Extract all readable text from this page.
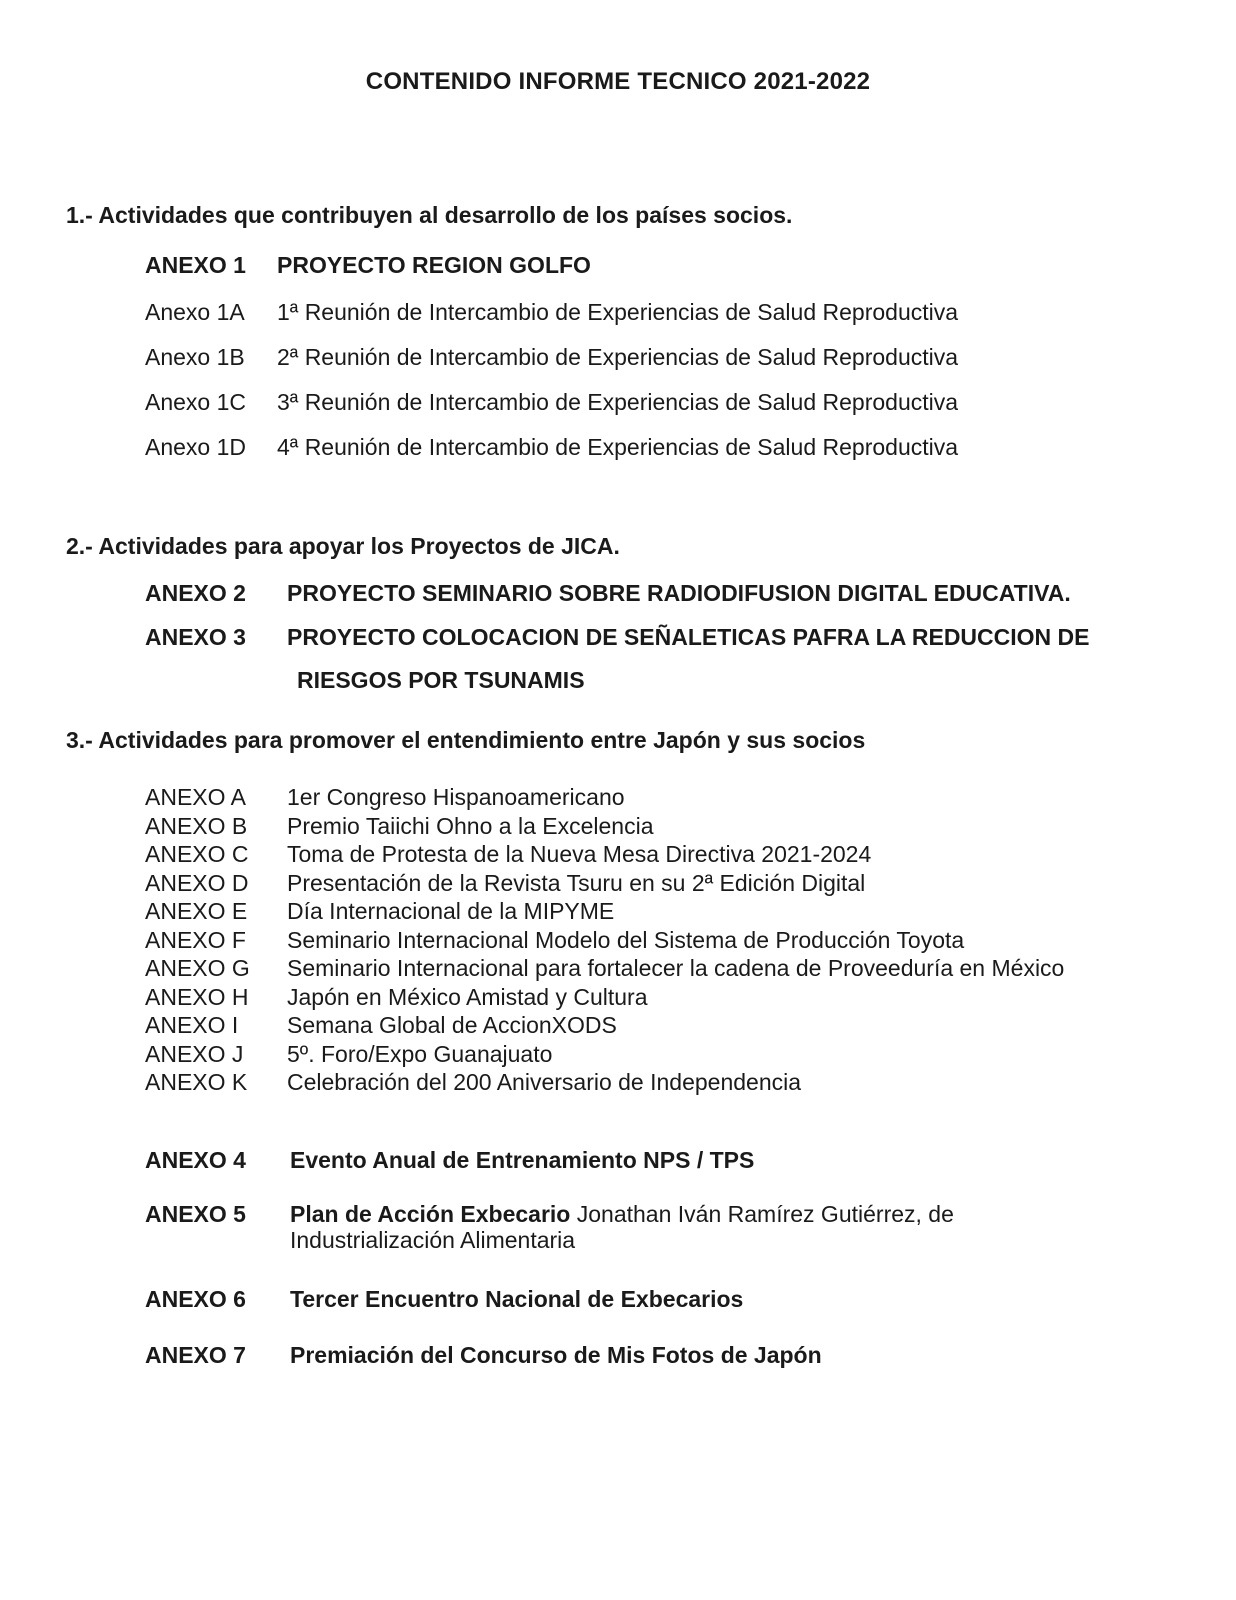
CONTENIDO INFORME TECNICO 2021-2022
1.- Actividades que contribuyen al desarrollo de los países socios.
ANEXO 1 PROYECTO REGION GOLFO
Anexo 1A 1ª Reunión de Intercambio de Experiencias de Salud Reproductiva
Anexo 1B 2ª Reunión de Intercambio de Experiencias de Salud Reproductiva
Anexo 1C 3ª Reunión de Intercambio de Experiencias de Salud Reproductiva
Anexo 1D 4ª Reunión de Intercambio de Experiencias de Salud Reproductiva
2.- Actividades para apoyar los Proyectos de JICA.
ANEXO 2 PROYECTO SEMINARIO SOBRE RADIODIFUSION DIGITAL EDUCATIVA.
ANEXO 3 PROYECTO COLOCACION DE SEÑALETICAS PAFRA LA REDUCCION DE
RIESGOS POR TSUNAMIS
3.- Actividades para promover el entendimiento entre Japón y sus socios
ANEXO A 1er Congreso Hispanoamericano
ANEXO B Premio Taiichi Ohno a la Excelencia
ANEXO C Toma de Protesta de la Nueva Mesa Directiva 2021-2024
ANEXO D Presentación de la Revista Tsuru en su 2ª Edición Digital
ANEXO E Día Internacional de la MIPYME
ANEXO F Seminario Internacional Modelo del Sistema de Producción Toyota
ANEXO G Seminario Internacional para fortalecer la cadena de Proveeduría en México
ANEXO H Japón en México Amistad y Cultura
ANEXO I Semana Global de AccionXODS
ANEXO J 5º. Foro/Expo Guanajuato
ANEXO K Celebración del 200 Aniversario de Independencia
ANEXO 4 Evento Anual de Entrenamiento NPS / TPS
ANEXO 5 Plan de Acción Exbecario Jonathan Iván Ramírez Gutiérrez, de
Industrialización Alimentaria
ANEXO 6 Tercer Encuentro Nacional de Exbecarios
ANEXO 7 Premiación del Concurso de Mis Fotos de Japón
